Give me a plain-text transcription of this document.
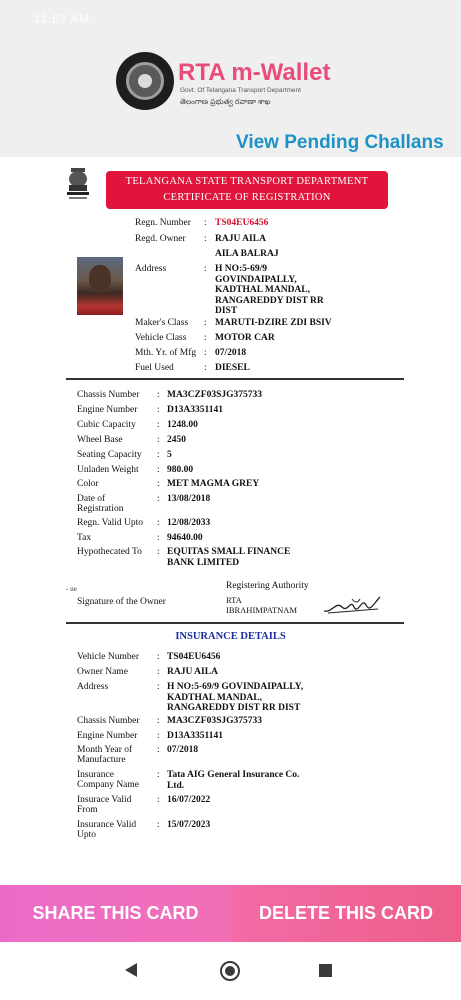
11:03 AM
RTA m-Wallet
Govt. Of Telangana Transport Department
తెలంగాణ ప్రభుత్వ రవాణా శాఖ
View Pending Challans
TELANGANA STATE TRANSPORT DEPARTMENT
CERTIFICATE OF REGISTRATION
Regn. Number : TS04EU6456
Regd. Owner : RAJU AILA
AILA BALRAJ
Address	: H NO:5-69/9
GOVINDAIPALLY,
KADTHAL MANDAL,
RANGAREDDY DIST RR
DIST
Maker's Class : MARUTI-DZIRE ZDI BSIV
Vehicle Class : MOTOR CAR
Mth. Yr. of Mfg : 07/2018
Fuel Used	: DIESEL
Chassis Number : MA3CZF03SJG375733
Engine Number : D13A3351141
Cubic Capacity : 1248.00
Wheel Base	: 2450
Seating Capacity : 5
Unladen Weight : 980.00
Color	: MET MAGMA GREY
Date of
Registration
: 13/08/2018
Regn. Valid Upto : 12/08/2033
Tax	: 94640.00
Hypothecated To : EQUITAS SMALL FINANCE
BANK LIMITED
- ue	Registering Authority
Signature of the Owner	RTA
IBRAHIMPATNAM
INSURANCE DETAILS
Vehicle Number : TS04EU6456
Owner Name	: RAJU AILA
Address	: H NO:5-69/9 GOVINDAIPALLY,
KADTHAL MANDAL,
RANGAREDDY DIST RR DIST
Chassis Number : MA3CZF03SJG375733
Engine Number : D13A3351141
Month Year of
Manufacture
: 07/2018
Insurance
Company Name
: Tata AIG General Insurance Co.
Ltd.
Insurace Valid
From
: 16/07/2022
Insurance Valid
Upto
: 15/07/2023
SHARE THIS CARD	DELETE THIS CARD
